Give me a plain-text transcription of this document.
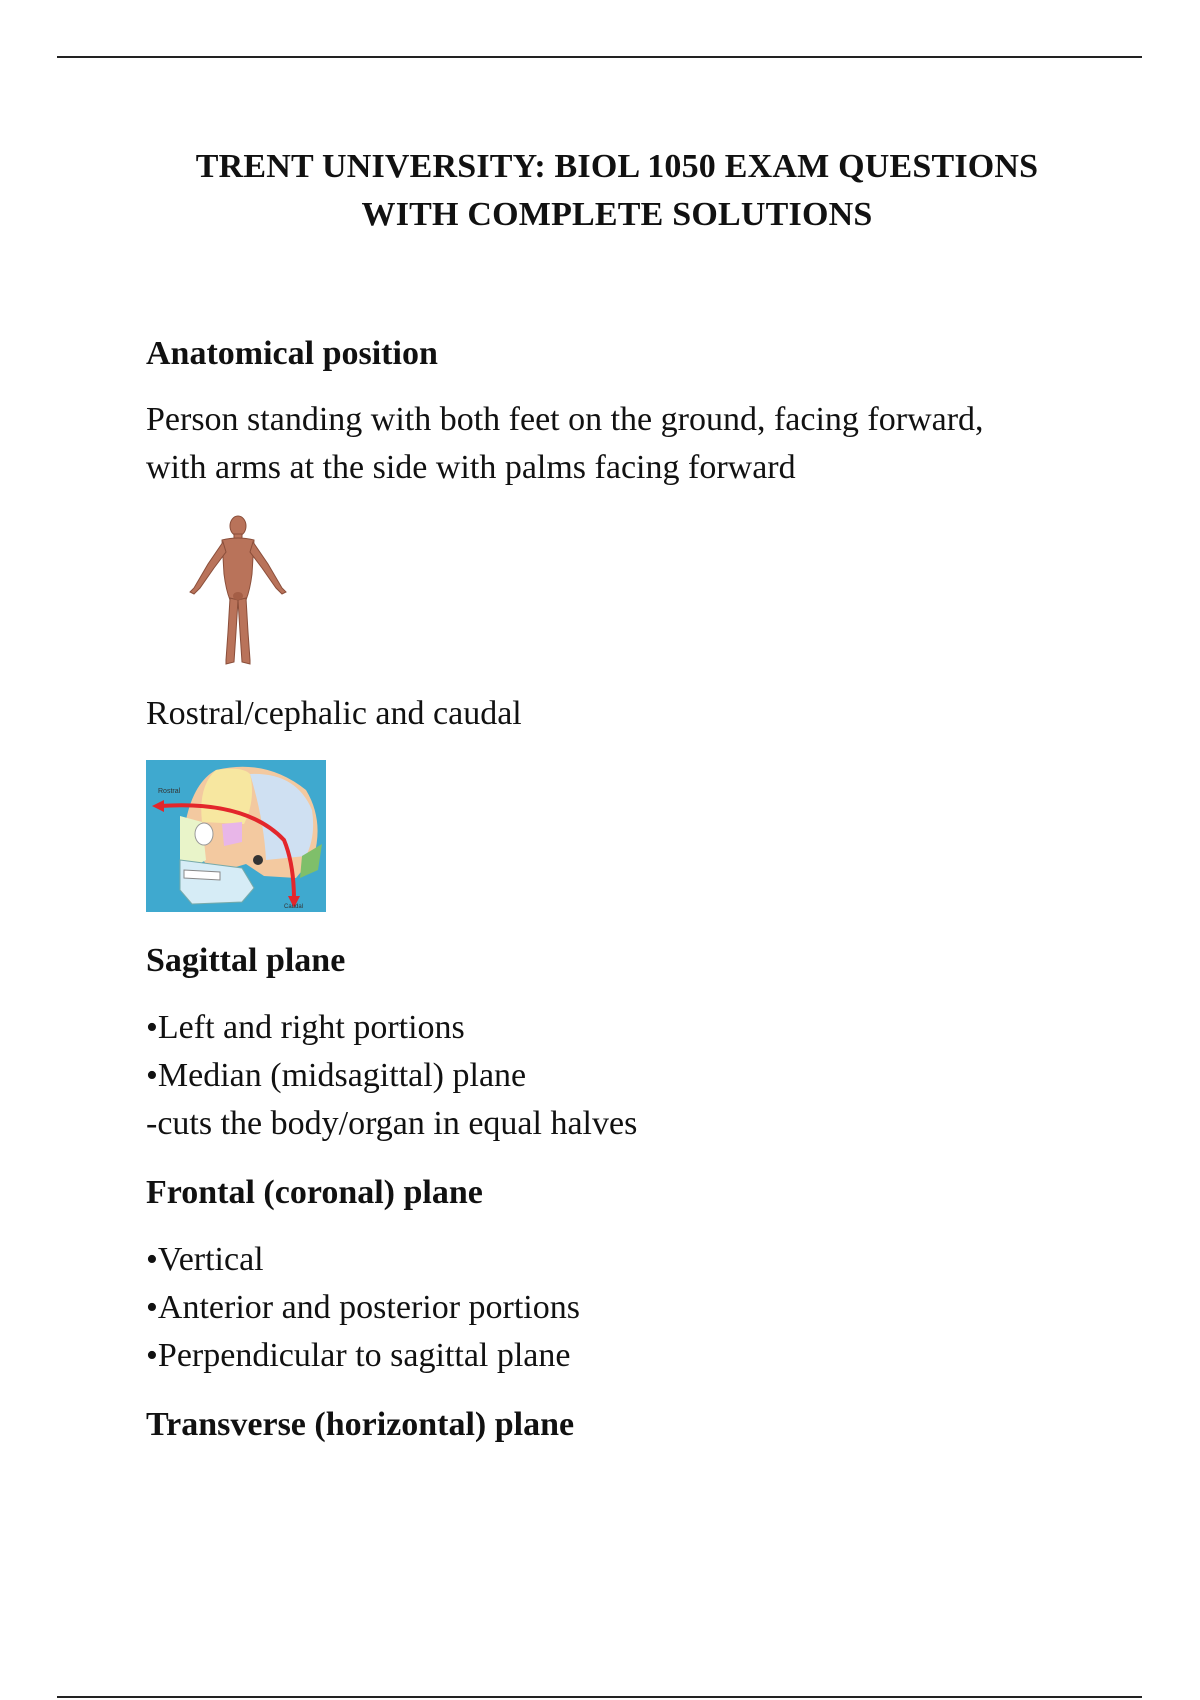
TRENT UNIVERSITY: BIOL 1050 EXAM QUESTIONS
WITH COMPLETE SOLUTIONS
Anatomical position
Person standing with both feet on the ground, facing forward,
with arms at the side with palms facing forward
Rostral/cephalic and caudal
Rostral
Caudal
Sagittal plane
•Left and right portions
•Median (midsagittal) plane
-cuts the body/organ in equal halves
Frontal (coronal) plane
•Vertical
•Anterior and posterior portions
•Perpendicular to sagittal plane
Transverse (horizontal) plane
